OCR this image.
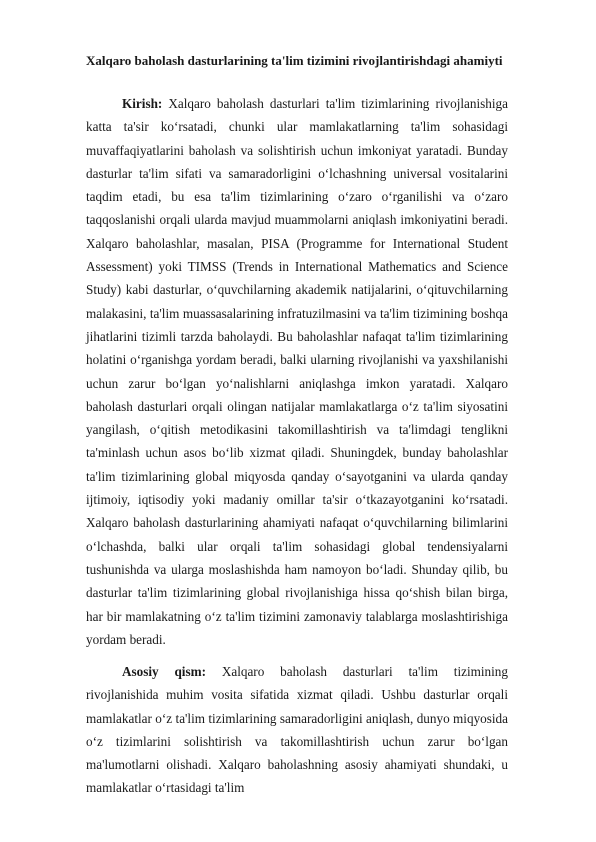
Xalqaro baholash dasturlarining ta'lim tizimini rivojlantirishdagi ahamiyti

Kirish: Xalqaro baholash dasturlari ta'lim tizimlarining rivojlanishiga katta ta'sir ko‘rsatadi, chunki ular mamlakatlarning ta'lim sohasidagi muvaffaqiyatlarini baholash va solishtirish uchun imkoniyat yaratadi. Bunday dasturlar ta'lim sifati va samaradorligini o‘lchashning universal vositalarini taqdim etadi, bu esa ta'lim tizimlarining o‘zaro o‘rganilishi va o‘zaro taqqoslanishi orqali ularda mavjud muammolarni aniqlash imkoniyatini beradi. Xalqaro baholashlar, masalan, PISA (Programme for International Student Assessment) yoki TIMSS (Trends in International Mathematics and Science Study) kabi dasturlar, o‘quvchilarning akademik natijalarini, o‘qituvchilarning malakasini, ta'lim muassasalarining infratuzilmasini va ta'lim tizimining boshqa jihatlarini tizimli tarzda baholaydi. Bu baholashlar nafaqat ta'lim tizimlarining holatini o‘rganishga yordam beradi, balki ularning rivojlanishi va yaxshilanishi uchun zarur bo‘lgan yo‘nalishlarni aniqlashga imkon yaratadi. Xalqaro baholash dasturlari orqali olingan natijalar mamlakatlarga o‘z ta'lim siyosatini yangilash, o‘qitish metodikasini takomillashtirish va ta'limdagi tenglikni ta'minlash uchun asos bo‘lib xizmat qiladi. Shuningdek, bunday baholashlar ta'lim tizimlarining global miqyosda qanday o‘sayotganini va ularda qanday ijtimoiy, iqtisodiy yoki madaniy omillar ta'sir o‘tkazayotganini ko‘rsatadi. Xalqaro baholash dasturlarining ahamiyati nafaqat o‘quvchilarning bilimlarini o‘lchashda, balki ular orqali ta'lim sohasidagi global tendensiyalarni tushunishda va ularga moslashishda ham namoyon bo‘ladi. Shunday qilib, bu dasturlar ta'lim tizimlarining global rivojlanishiga hissa qo‘shish bilan birga, har bir mamlakatning o‘z ta'lim tizimini zamonaviy talablarga moslashtirishiga yordam beradi.

Asosiy qism: Xalqaro baholash dasturlari ta'lim tizimining rivojlanishida muhim vosita sifatida xizmat qiladi. Ushbu dasturlar orqali mamlakatlar o‘z ta'lim tizimlarining samaradorligini aniqlash, dunyo miqyosida o‘z tizimlarini solishtirish va takomillashtirish uchun zarur bo‘lgan ma'lumotlarni olishadi. Xalqaro baholashning asosiy ahamiyati shundaki, u mamlakatlar o‘rtasidagi ta'lim
